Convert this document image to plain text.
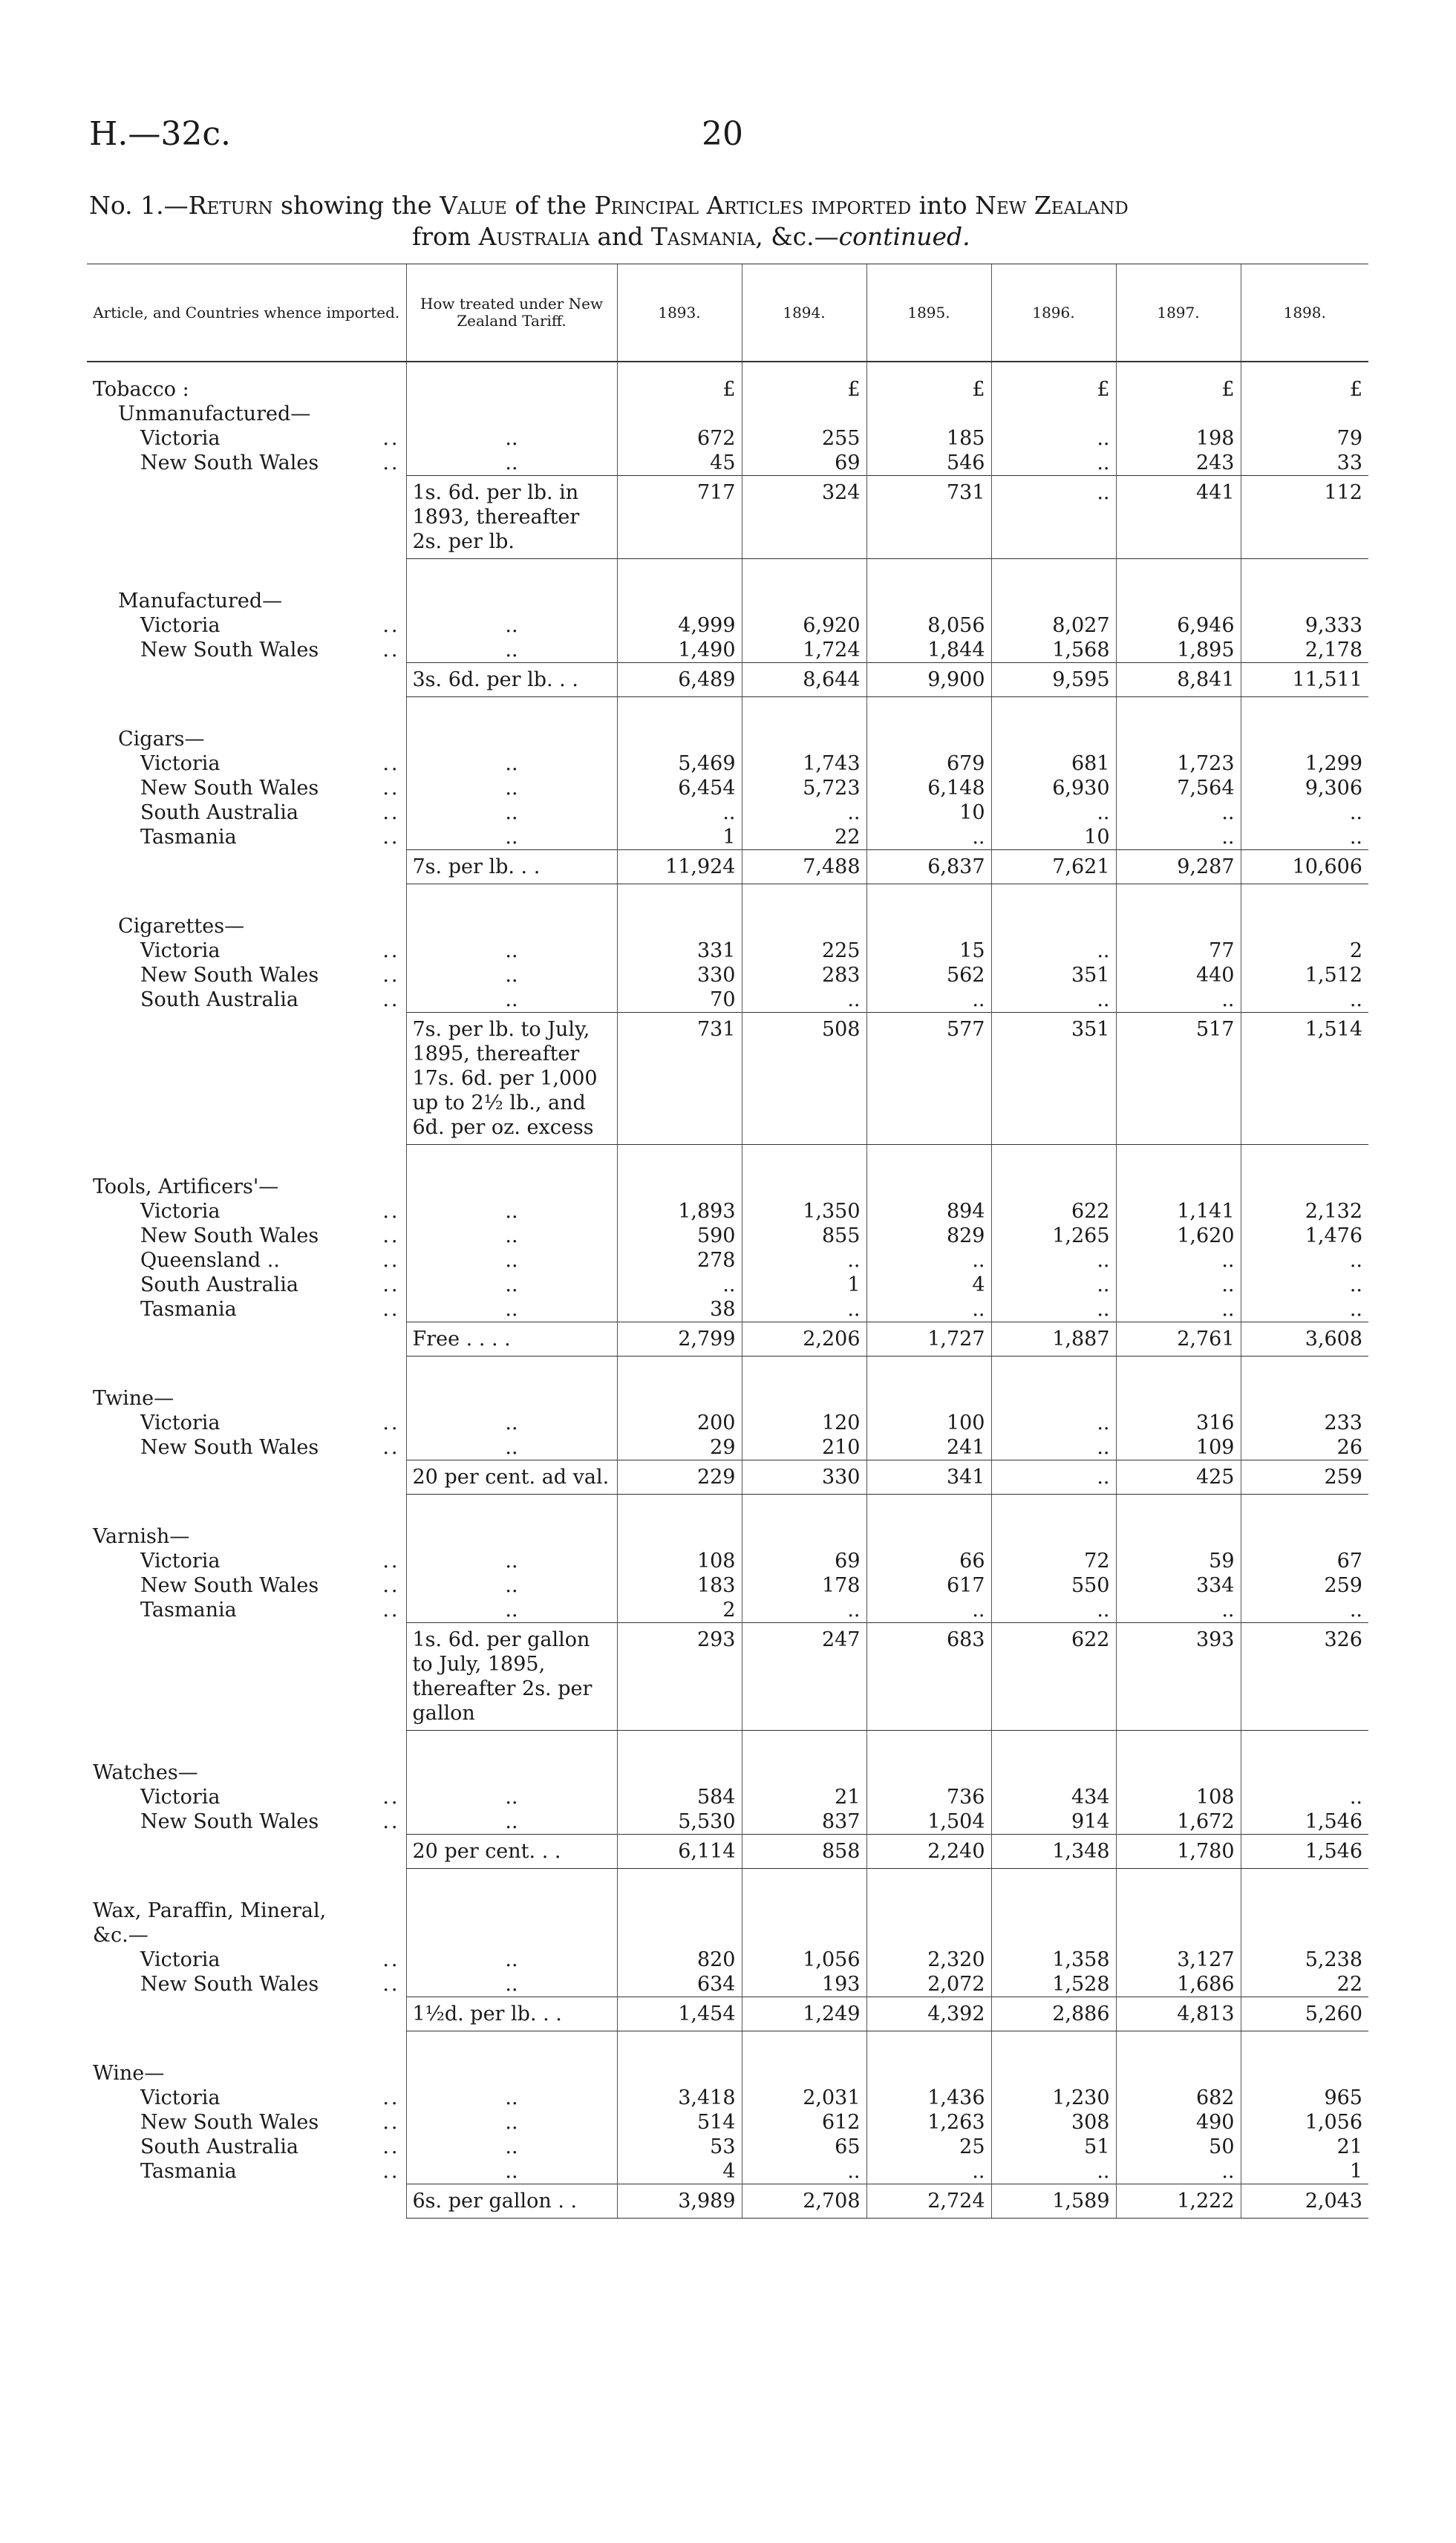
H.—32c.	20
No. 1.—Return showing the Value of the Principal Articles imported into New Zealand
from Australia and Tasmania, &c.—continued.
Article, and Countries whence imported.	How treated under New Zealand Tariff.	1893.	1894.	1895.	1896.	1897.	1898.

Tobacco :		£	£	£	£	£	£

Unmanufactured—							

Victoria ..	..	672	255	185	..	198	79
New South Wales ..	..	45	69	546	..	243	33
	1s. 6d. per lb. in 1893, thereafter 2s. per lb.	717	324	731	..	441	112

Manufactured—							

Victoria ..	..	4,999	6,920	8,056	8,027	6,946	9,333
New South Wales ..	..	1,490	1,724	1,844	1,568	1,895	2,178
	3s. 6d. per lb. . .	6,489	8,644	9,900	9,595	8,841	11,511

Cigars—							

Victoria ..	..	5,469	1,743	679	681	1,723	1,299
New South Wales ..	..	6,454	5,723	6,148	6,930	7,564	9,306
South Australia ..	..	..	..	10	..	..	..
Tasmania ..	..	1	22	..	10	..	..
	7s. per lb. . .	11,924	7,488	6,837	7,621	9,287	10,606

Cigarettes—							

Victoria ..	..	331	225	15	..	77	2
New South Wales ..	..	330	283	562	351	440	1,512
South Australia ..	..	70	..	..	..	..	..
	7s. per lb. to July, 1895, thereafter 17s. 6d. per 1,000 up to 2½ lb., and 6d. per oz. excess	731	508	577	351	517	1,514

Tools, Artificers'—							

Victoria ..	..	1,893	1,350	894	622	1,141	2,132
New South Wales ..	..	590	855	829	1,265	1,620	1,476
Queensland .. ..	..	278	..	..	..	..	..
South Australia ..	..	..	1	4	..	..	..
Tasmania ..	..	38	..	..	..	..	..
	Free . . . .	2,799	2,206	1,727	1,887	2,761	3,608

Twine—							

Victoria ..	..	200	120	100	..	316	233
New South Wales ..	..	29	210	241	..	109	26
	20 per cent. ad val.	229	330	341	..	425	259

Varnish—							

Victoria ..	..	108	69	66	72	59	67
New South Wales ..	..	183	178	617	550	334	259
Tasmania ..	..	2	..	..	..	..	..
	1s. 6d. per gallon to July, 1895, thereafter 2s. per gallon	293	247	683	622	393	326

Watches—							

Victoria ..	..	584	21	736	434	108	..
New South Wales ..	..	5,530	837	1,504	914	1,672	1,546
	20 per cent. . .	6,114	858	2,240	1,348	1,780	1,546

Wax, Paraffin, Mineral,
&c.—							

Victoria ..	..	820	1,056	2,320	1,358	3,127	5,238
New South Wales ..	..	634	193	2,072	1,528	1,686	22
	1½d. per lb. . .	1,454	1,249	4,392	2,886	4,813	5,260

Wine—							

Victoria ..	..	3,418	2,031	1,436	1,230	682	965
New South Wales ..	..	514	612	1,263	308	490	1,056
South Australia ..	..	53	65	25	51	50	21
Tasmania ..	..	4	..	..	..	..	1
	6s. per gallon . .	3,989	2,708	2,724	1,589	1,222	2,043
